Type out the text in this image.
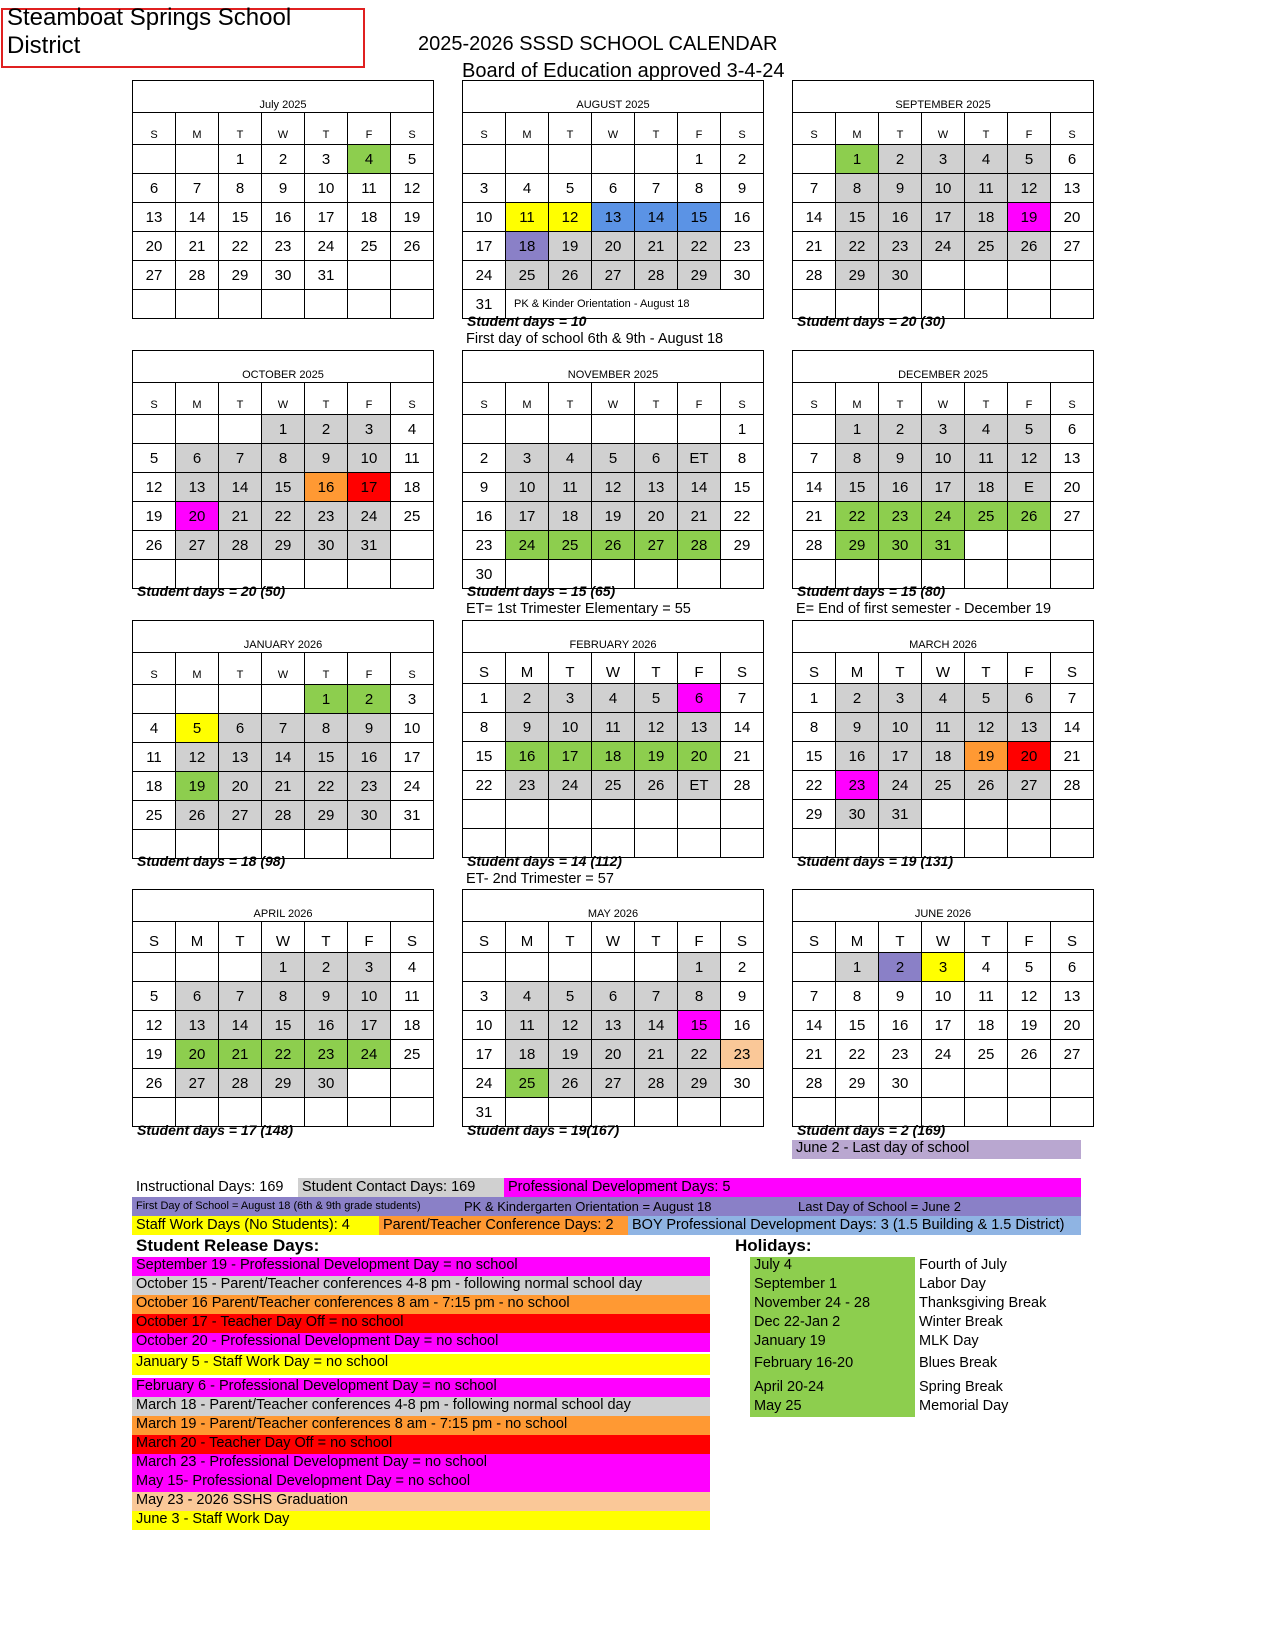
Steamboat Springs School District	2025-2026 SSSD SCHOOL CALENDAR
Board of Education approved 3-4-24
July 2025						
S	M	T	W	T	F	S
		1	2	3	4	5
6	7	8	9	10	11	12
13	14	15	16	17	18	19
20	21	22	23	24	25	26
27	28	29	30	31		

AUGUST 2025						
S	M	T	W	T	F	S
					1	2
3	4	5	6	7	8	9
10	11	12	13	14	15	16
17	18	19	20	21	22	23
24	25	26	27	28	29	30
31	PK & Kinder Orientation - August 18					
SEPTEMBER 2025						
S	M	T	W	T	F	S
	1	2	3	4	5	6
7	8	9	10	11	12	13
14	15	16	17	18	19	20
21	22	23	24	25	26	27
28	29	30				

OCTOBER 2025						
S	M	T	W	T	F	S
			1	2	3	4
5	6	7	8	9	10	11
12	13	14	15	16	17	18
19	20	21	22	23	24	25
26	27	28	29	30	31	

NOVEMBER 2025						
S	M	T	W	T	F	S
						1
2	3	4	5	6	ET	8
9	10	11	12	13	14	15
16	17	18	19	20	21	22
23	24	25	26	27	28	29
30						
DECEMBER 2025						
S	M	T	W	T	F	S
	1	2	3	4	5	6
7	8	9	10	11	12	13
14	15	16	17	18	E	20
21	22	23	24	25	26	27
28	29	30	31			

JANUARY 2026						
S	M	T	W	T	F	S
				1	2	3
4	5	6	7	8	9	10
11	12	13	14	15	16	17
18	19	20	21	22	23	24
25	26	27	28	29	30	31

FEBRUARY 2026						
S	M	T	W	T	F	S
1	2	3	4	5	6	7
8	9	10	11	12	13	14
15	16	17	18	19	20	21
22	23	24	25	26	ET	28

MARCH 2026						
S	M	T	W	T	F	S
1	2	3	4	5	6	7
8	9	10	11	12	13	14
15	16	17	18	19	20	21
22	23	24	25	26	27	28
29	30	31				

APRIL 2026						
S	M	T	W	T	F	S
			1	2	3	4
5	6	7	8	9	10	11
12	13	14	15	16	17	18
19	20	21	22	23	24	25
26	27	28	29	30		

MAY 2026						
S	M	T	W	T	F	S
					1	2
3	4	5	6	7	8	9
10	11	12	13	14	15	16
17	18	19	20	21	22	23
24	25	26	27	28	29	30
31						
JUNE 2026						
S	M	T	W	T	F	S
	1	2	3	4	5	6
7	8	9	10	11	12	13
14	15	16	17	18	19	20
21	22	23	24	25	26	27
28	29	30				

June 2 - Last day of school
Instructional Days: 169	Student Contact Days: 169	Professional Development Days: 5
First Day of School = August 18 (6th & 9th grade students)	PK & Kindergarten Orientation = August 18	Last Day of School = June 2
Staff Work Days (No Students): 4	Parent/Teacher Conference Days: 2	BOY Professional Development Days: 3 (1.5 Building & 1.5 District)
Student Release Days:
September 19 - Professional Development Day = no school
October 15 - Parent/Teacher conferences 4-8 pm - following normal school day
October 16 Parent/Teacher conferences 8 am - 7:15 pm - no school
October 17 - Teacher Day Off = no school
October 20 - Professional Development Day = no school
January 5 - Staff Work Day = no school
February 6 - Professional Development Day = no school
March 18 - Parent/Teacher conferences 4-8 pm - following normal school day
March 19 - Parent/Teacher conferences 8 am - 7:15 pm - no school
March 20 - Teacher Day Off = no school
March 23 - Professional Development Day = no school
May 15- Professional Development Day = no school
May 23 - 2026 SSHS Graduation
June 3 - Staff Work Day
Holidays:
July 4	Fourth of July
September 1	Labor Day
November 24 - 28	Thanksgiving Break
Dec 22-Jan 2	Winter Break
January 19	MLK Day
February 16-20	Blues Break
April 20-24	Spring Break
May 25	Memorial Day
Student days = 10
First day of school 6th & 9th - August 18
Student days = 20 (30)
Student days = 20 (50)	Student days = 15 (65)
ET= 1st Trimester Elementary = 55
Student days = 15 (80)
E= End of first semester - December 19
Student days = 18 (98)	Student days = 14 (112)
ET- 2nd Trimester = 57
Student days = 19 (131)
Student days = 17 (148)	Student days = 19(167)	Student days = 2 (169)
